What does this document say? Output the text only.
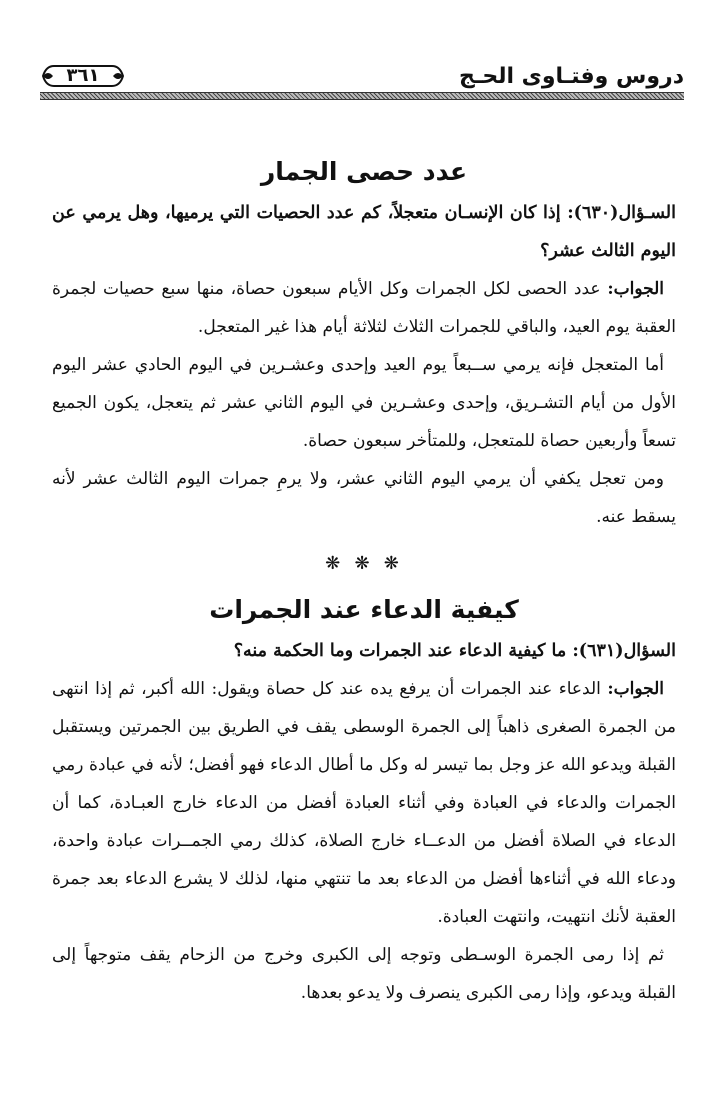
دروس وفتـاوى الحـج
٣٦١
عدد حصى الجمار

السـؤال(٦٣٠): إذا كان الإنسـان متعجلاً، كم عدد الحصيات التي يرميها، وهل يرمي عن اليوم الثالث عشر؟

الجواب: عدد الحصى لكل الجمرات وكل الأيام سبعون حصاة، منها سبع حصيات لجمرة العقبة يوم العيد، والباقي للجمرات الثلاث لثلاثة أيام هذا غير المتعجل.

أما المتعجل فإنه يرمي ســبعاً يوم العيد وإحدى وعشـرين في اليوم الحادي عشر اليوم الأول من أيام التشـريق، وإحدى وعشـرين في اليوم الثاني عشر ثم يتعجل، يكون الجميع تسعاً وأربعين حصاة للمتعجل، وللمتأخر سبعون حصاة.

ومن تعجل يكفي أن يرمي اليوم الثاني عشر، ولا يرمِ جمرات اليوم الثالث عشر لأنه يسقط عنه.

❋ ❋ ❋
كيفية الدعاء عند الجمرات

السؤال(٦٣١): ما كيفية الدعاء عند الجمرات وما الحكمة منه؟

الجواب: الدعاء عند الجمرات أن يرفع يده عند كل حصاة ويقول: الله أكبر، ثم إذا انتهى من الجمرة الصغرى ذاهباً إلى الجمرة الوسطى يقف في الطريق بين الجمرتين ويستقبل القبلة ويدعو الله عز وجل بما تيسر له وكل ما أطال الدعاء فهو أفضل؛ لأنه في عبادة رمي الجمرات والدعاء في العبادة وفي أثناء العبادة أفضل من الدعاء خارج العبـادة، كما أن الدعاء في الصلاة أفضل من الدعــاء خارج الصلاة، كذلك رمي الجمــرات عبادة واحدة، ودعاء الله في أثناءها أفضل من الدعاء بعد ما تنتهي منها، لذلك لا يشرع الدعاء بعد جمرة العقبة لأنك انتهيت، وانتهت العبادة.

ثم إذا رمى الجمرة الوسـطى وتوجه إلى الكبرى وخرج من الزحام يقف متوجهاً إلى القبلة ويدعو، وإذا رمى الكبرى ينصرف ولا يدعو بعدها.
